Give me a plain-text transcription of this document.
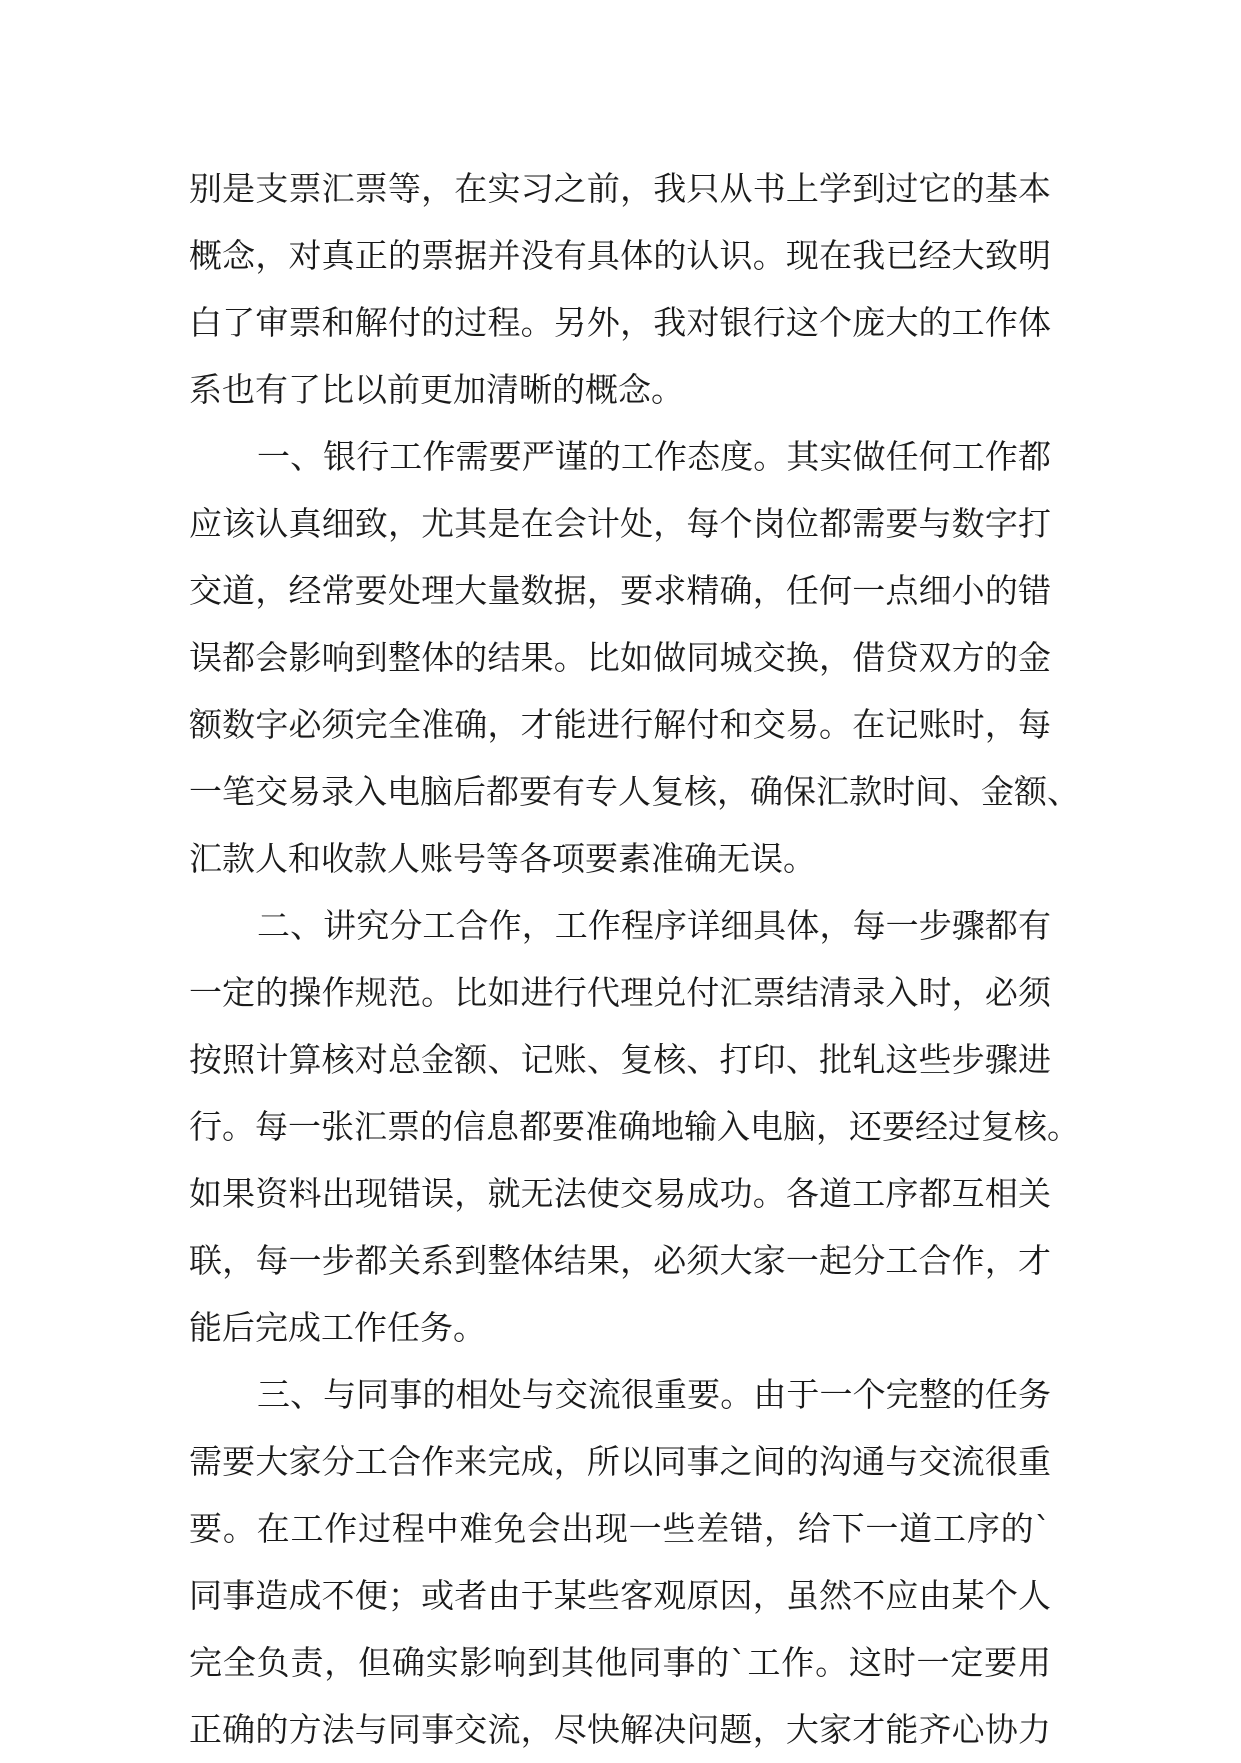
别是支票汇票等，在实习之前，我只从书上学到过它的基本
概念，对真正的票据并没有具体的认识。现在我已经大致明
白了审票和解付的过程。另外，我对银行这个庞大的工作体
系也有了比以前更加清晰的概念。
一、银行工作需要严谨的工作态度。其实做任何工作都
应该认真细致，尤其是在会计处，每个岗位都需要与数字打
交道，经常要处理大量数据，要求精确，任何一点细小的错
误都会影响到整体的结果。比如做同城交换，借贷双方的金
额数字必须完全准确，才能进行解付和交易。在记账时，每
一笔交易录入电脑后都要有专人复核，确保汇款时间、金额、
汇款人和收款人账号等各项要素准确无误。
二、讲究分工合作，工作程序详细具体，每一步骤都有
一定的操作规范。比如进行代理兑付汇票结清录入时，必须
按照计算核对总金额、记账、复核、打印、批轧这些步骤进
行。每一张汇票的信息都要准确地输入电脑，还要经过复核。
如果资料出现错误，就无法使交易成功。各道工序都互相关
联，每一步都关系到整体结果，必须大家一起分工合作，才
能后完成工作任务。
三、与同事的相处与交流很重要。由于一个完整的任务
需要大家分工合作来完成，所以同事之间的沟通与交流很重
要。在工作过程中难免会出现一些差错，给下一道工序的`
同事造成不便；或者由于某些客观原因，虽然不应由某个人
完全负责，但确实影响到其他同事的`工作。这时一定要用
正确的方法与同事交流，尽快解决问题，大家才能齐心协力
